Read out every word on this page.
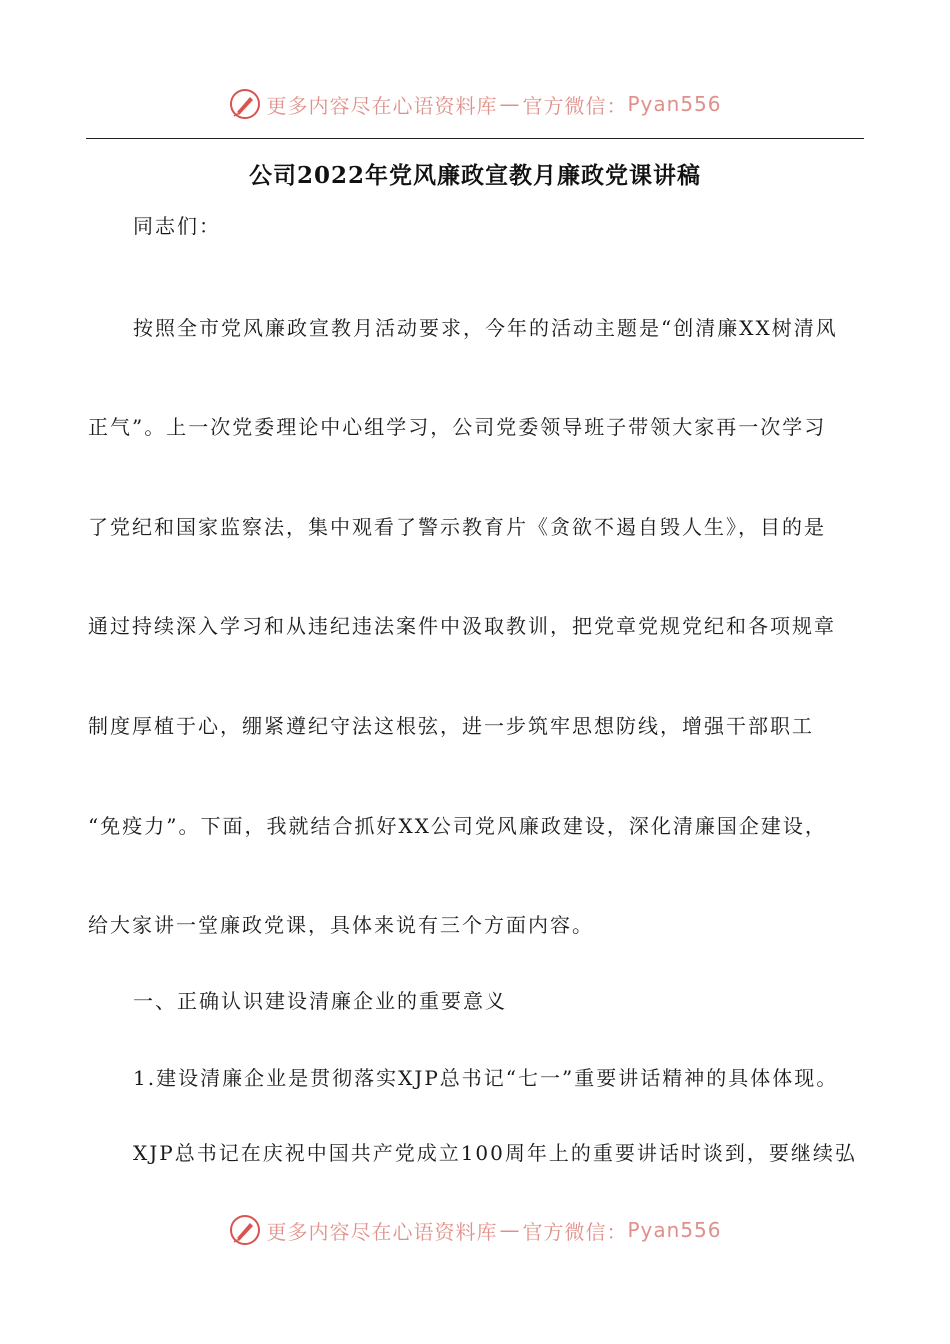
更多内容尽在心语资料库 — 官方微信： Pyan556
公司2022年党风廉政宣教月廉政党课讲稿
同志们：
按照全市党风廉政宣教月活动要求，今年的活动主题是“创清廉XX树清风
正气”。上一次党委理论中心组学习，公司党委领导班子带领大家再一次学习
了党纪和国家监察法，集中观看了警示教育片《贪欲不遏自毁人生》，目的是
通过持续深入学习和从违纪违法案件中汲取教训，把党章党规党纪和各项规章
制度厚植于心，绷紧遵纪守法这根弦，进一步筑牢思想防线，增强干部职工
“免疫力”。下面，我就结合抓好XX公司党风廉政建设，深化清廉国企建设，
给大家讲一堂廉政党课，具体来说有三个方面内容。
一、正确认识建设清廉企业的重要意义
1.建设清廉企业是贯彻落实XJP总书记“七一”重要讲话精神的具体体现。
XJP总书记在庆祝中国共产党成立100周年上的重要讲话时谈到，要继续弘
更多内容尽在心语资料库 — 官方微信： Pyan556
